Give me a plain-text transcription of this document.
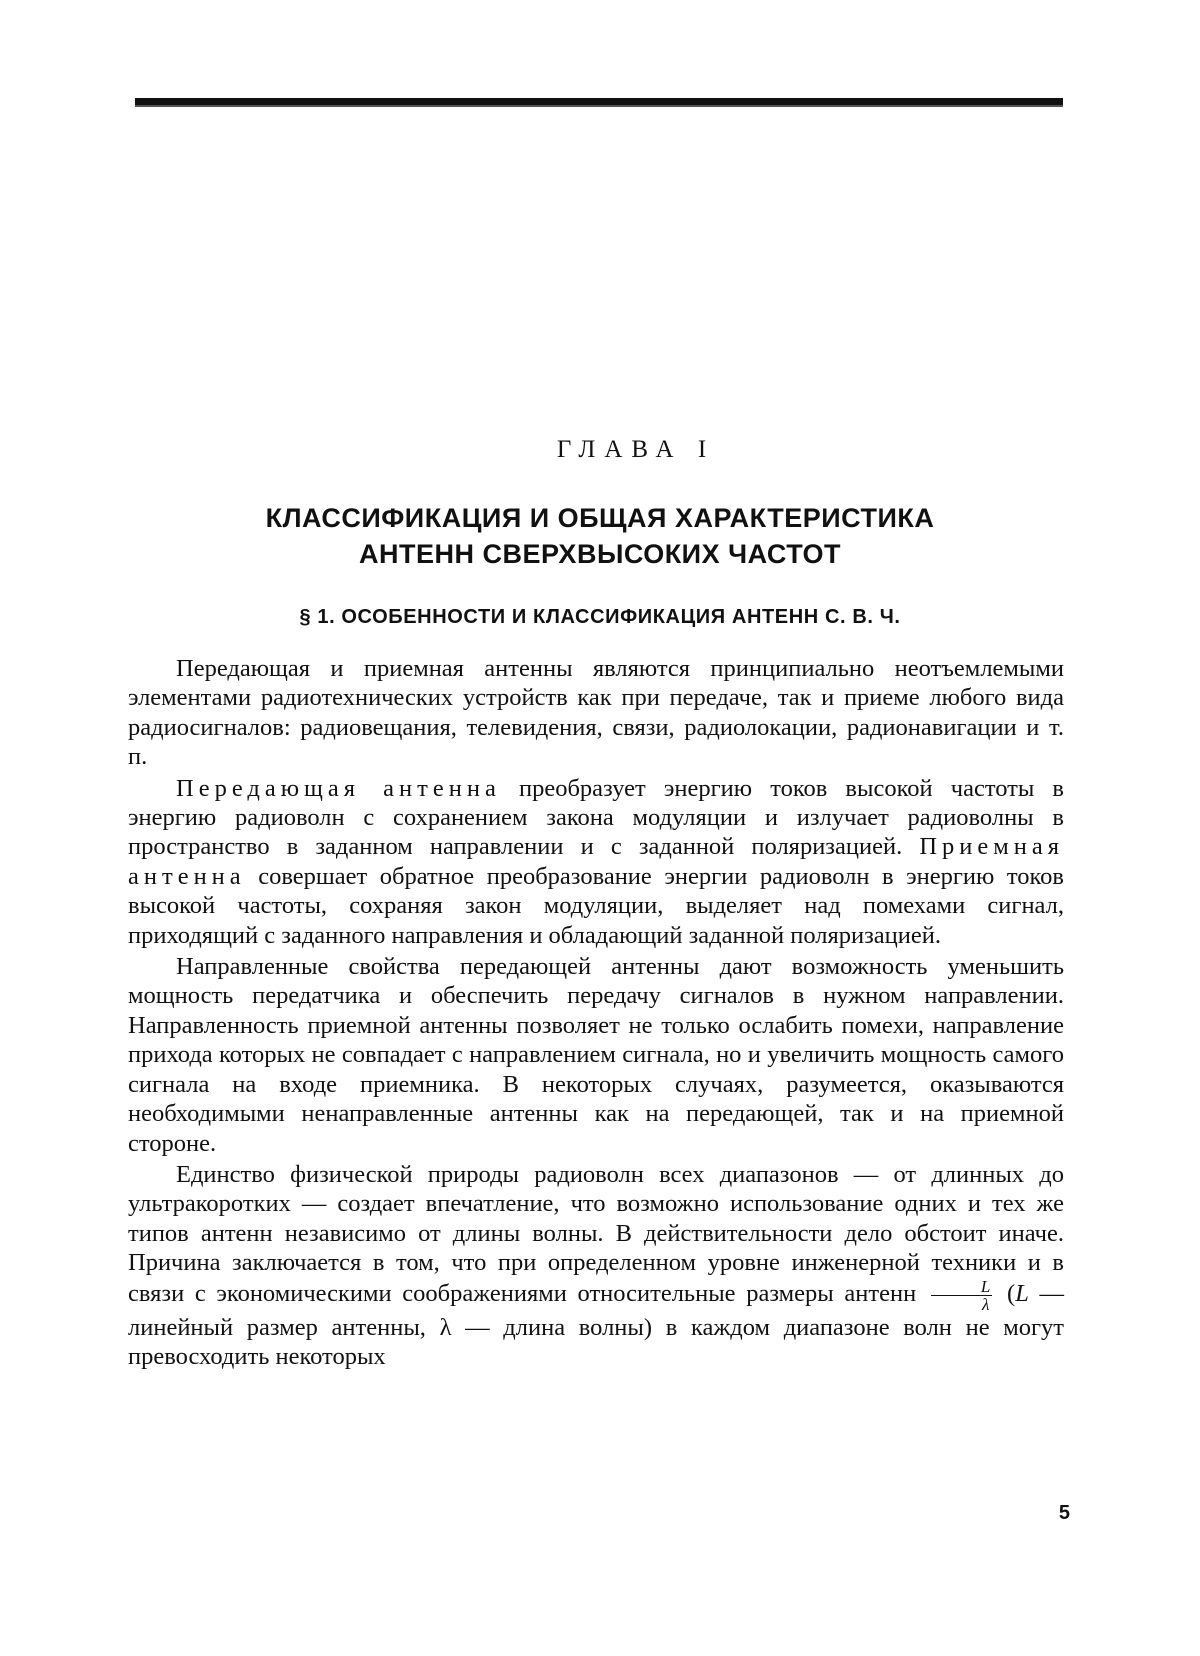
ГЛАВА I
КЛАССИФИКАЦИЯ И ОБЩАЯ ХАРАКТЕРИСТИКА
АНТЕНН СВЕРХВЫСОКИХ ЧАСТОТ
§ 1. ОСОБЕННОСТИ И КЛАССИФИКАЦИЯ АНТЕНН С. В. Ч.

Передающая и приемная антенны являются принципиально неотъемлемыми элементами радиотехнических устройств как при передаче, так и приеме любого вида радиосигналов: радиовещания, телевидения, связи, радиолокации, радионавигации и т. п.

Передающая антенна преобразует энергию токов высокой частоты в энергию радиоволн с сохранением закона модуляции и излучает радиоволны в пространство в заданном направлении и с заданной поляризацией. Приемная антенна совершает обратное преобразование энергии радиоволн в энергию токов высокой частоты, сохраняя закон модуляции, выделяет над помехами сигнал, приходящий с заданного направления и обладающий заданной поляризацией.

Направленные свойства передающей антенны дают возможность уменьшить мощность передатчика и обеспечить передачу сигналов в нужном направлении. Направленность приемной антенны позволяет не только ослабить помехи, направление прихода которых не совпадает с направлением сигнала, но и увеличить мощность самого сигнала на входе приемника. В некоторых случаях, разумеется, оказываются необходимыми ненаправленные антенны как на передающей, так и на приемной стороне.

Единство физической природы радиоволн всех диапазонов — от длинных до ультракоротких — создает впечатление, что возможно использование одних и тех же типов антенн независимо от длины волны. В действительности дело обстоит иначе. Причина заключается в том, что при определенном уровне инженерной техники и в связи с экономическими соображениями относительные размеры антенн $\frac{L}{\lambda} (L$ — линейный размер антенны, λ — длина волны) в каждом диапазоне волн не могут превосходить некоторых

5
